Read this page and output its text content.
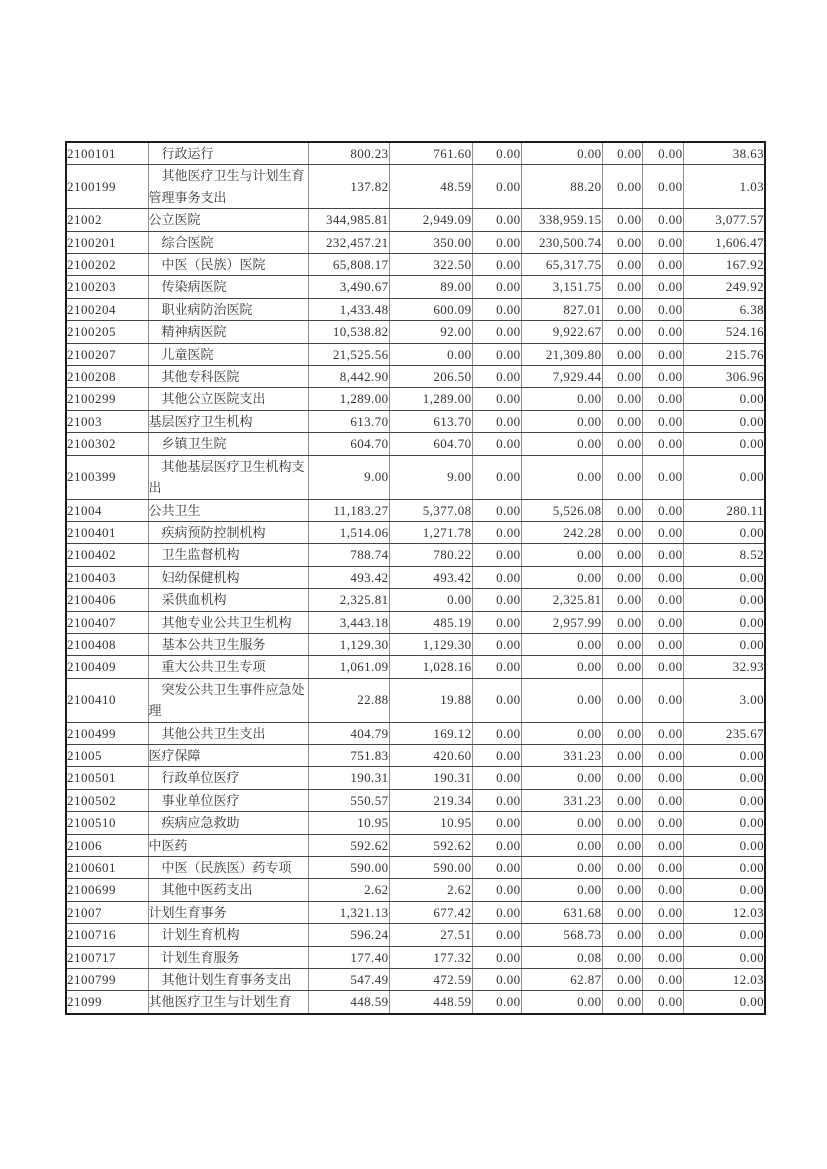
2100101	行政运行	800.23	761.60	0.00	0.00	0.00	0.00	38.63
2100199	其他医疗卫生与计划生育管理事务支出	137.82	48.59	0.00	88.20	0.00	0.00	1.03
21002	公立医院	344,985.81	2,949.09	0.00	338,959.15	0.00	0.00	3,077.57
2100201	综合医院	232,457.21	350.00	0.00	230,500.74	0.00	0.00	1,606.47
2100202	中医（民族）医院	65,808.17	322.50	0.00	65,317.75	0.00	0.00	167.92
2100203	传染病医院	3,490.67	89.00	0.00	3,151.75	0.00	0.00	249.92
2100204	职业病防治医院	1,433.48	600.09	0.00	827.01	0.00	0.00	6.38
2100205	精神病医院	10,538.82	92.00	0.00	9,922.67	0.00	0.00	524.16
2100207	儿童医院	21,525.56	0.00	0.00	21,309.80	0.00	0.00	215.76
2100208	其他专科医院	8,442.90	206.50	0.00	7,929.44	0.00	0.00	306.96
2100299	其他公立医院支出	1,289.00	1,289.00	0.00	0.00	0.00	0.00	0.00
21003	基层医疗卫生机构	613.70	613.70	0.00	0.00	0.00	0.00	0.00
2100302	乡镇卫生院	604.70	604.70	0.00	0.00	0.00	0.00	0.00
2100399	其他基层医疗卫生机构支出	9.00	9.00	0.00	0.00	0.00	0.00	0.00
21004	公共卫生	11,183.27	5,377.08	0.00	5,526.08	0.00	0.00	280.11
2100401	疾病预防控制机构	1,514.06	1,271.78	0.00	242.28	0.00	0.00	0.00
2100402	卫生监督机构	788.74	780.22	0.00	0.00	0.00	0.00	8.52
2100403	妇幼保健机构	493.42	493.42	0.00	0.00	0.00	0.00	0.00
2100406	采供血机构	2,325.81	0.00	0.00	2,325.81	0.00	0.00	0.00
2100407	其他专业公共卫生机构	3,443.18	485.19	0.00	2,957.99	0.00	0.00	0.00
2100408	基本公共卫生服务	1,129.30	1,129.30	0.00	0.00	0.00	0.00	0.00
2100409	重大公共卫生专项	1,061.09	1,028.16	0.00	0.00	0.00	0.00	32.93
2100410	突发公共卫生事件应急处理	22.88	19.88	0.00	0.00	0.00	0.00	3.00
2100499	其他公共卫生支出	404.79	169.12	0.00	0.00	0.00	0.00	235.67
21005	医疗保障	751.83	420.60	0.00	331.23	0.00	0.00	0.00
2100501	行政单位医疗	190.31	190.31	0.00	0.00	0.00	0.00	0.00
2100502	事业单位医疗	550.57	219.34	0.00	331.23	0.00	0.00	0.00
2100510	疾病应急救助	10.95	10.95	0.00	0.00	0.00	0.00	0.00
21006	中医药	592.62	592.62	0.00	0.00	0.00	0.00	0.00
2100601	中医（民族医）药专项	590.00	590.00	0.00	0.00	0.00	0.00	0.00
2100699	其他中医药支出	2.62	2.62	0.00	0.00	0.00	0.00	0.00
21007	计划生育事务	1,321.13	677.42	0.00	631.68	0.00	0.00	12.03
2100716	计划生育机构	596.24	27.51	0.00	568.73	0.00	0.00	0.00
2100717	计划生育服务	177.40	177.32	0.00	0.08	0.00	0.00	0.00
2100799	其他计划生育事务支出	547.49	472.59	0.00	62.87	0.00	0.00	12.03
21099	其他医疗卫生与计划生育	448.59	448.59	0.00	0.00	0.00	0.00	0.00
